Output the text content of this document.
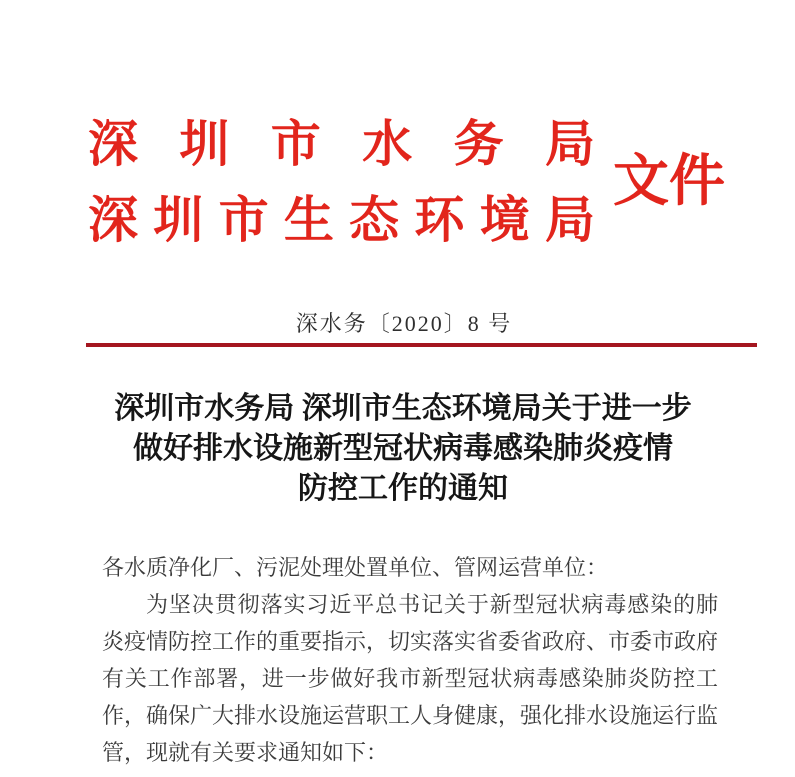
深圳市水务局
深圳市生态环境局
文件
深水务〔2020〕8 号
深圳市水务局 深圳市生态环境局关于进一步
做好排水设施新型冠状病毒感染肺炎疫情
防控工作的通知
各水质净化厂、污泥处理处置单位、管网运营单位：
为坚决贯彻落实习近平总书记关于新型冠状病毒感染的肺
炎疫情防控工作的重要指示，切实落实省委省政府、市委市政府
有关工作部署，进一步做好我市新型冠状病毒感染肺炎防控工
作，确保广大排水设施运营职工人身健康，强化排水设施运行监
管，现就有关要求通知如下：
